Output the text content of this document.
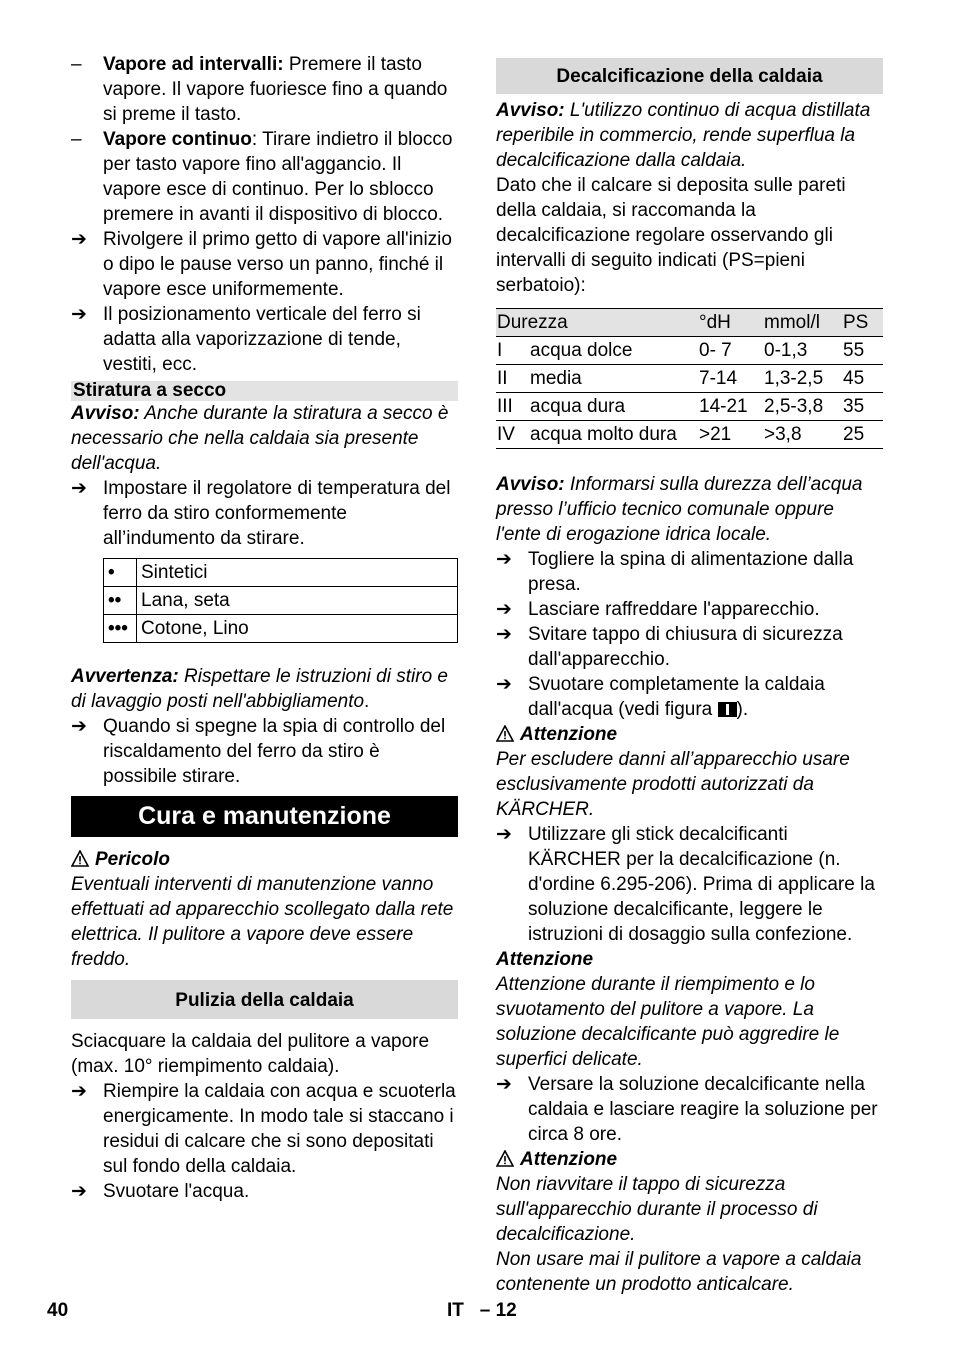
–	Vapore ad intervalli: Premere il tasto vapore. Il vapore fuoriesce fino a quando si preme il tasto.

–	Vapore continuo: Tirare indietro il blocco per tasto vapore fino all'aggancio. Il vapore esce di continuo. Per lo sblocco premere in avanti il dispositivo di blocco.

➔ Rivolgere il primo getto di vapore all'inizio o dipo le pause verso un panno, finché il vapore esce uniformemente.

➔ Il posizionamento verticale del ferro si adatta alla vaporizzazione di tende, vestiti, ecc.

Stiratura a secco

Avviso: Anche durante la stiratura a secco è necessario che nella caldaia sia presente dell'acqua.

➔ Impostare il regolatore di temperatura del ferro da stiro conformemente all’indumento da stirare.

•	Sintetici
••	Lana, seta
•••	Cotone, Lino

Avvertenza: Rispettare le istruzioni di stiro e di lavaggio posti nell'abbigliamento.

➔ Quando si spegne la spia di controllo del riscaldamento del ferro da stiro è possibile stirare.

Cura e manutenzione

Pericolo

Eventuali interventi di manutenzione vanno effettuati ad apparecchio scollegato dalla rete elettrica. Il pulitore a vapore deve essere freddo.

Pulizia della caldaia

Sciacquare la caldaia del pulitore a vapore (max. 10° riempimento caldaia).

➔ Riempire la caldaia con acqua e scuoterla energicamente. In modo tale si staccano i residui di calcare che si sono depositati sul fondo della caldaia.

➔ Svuotare l'acqua.

Decalcificazione della caldaia

Avviso: L'utilizzo continuo di acqua distillata reperibile in commercio, rende superflua la decalcificazione dalla caldaia.

Dato che il calcare si deposita sulle pareti della caldaia, si raccomanda la decalcificazione regolare osservando gli intervalli di seguito indicati (PS=pieni serbatoio):

Durezza		°dH	mmol/l	PS
I	acqua dolce	0- 7	0-1,3	55
II	media	7-14	1,3-2,5	45
III	acqua dura	14-21	2,5-3,8	35
IV	acqua molto dura	>21	>3,8	25

Avviso: Informarsi sulla durezza dell’acqua presso l’ufficio tecnico comunale oppure l'ente di erogazione idrica locale.

➔ Togliere la spina di alimentazione dalla presa.

➔ Lasciare raffreddare l'apparecchio.

➔ Svitare tappo di chiusura di sicurezza dall'apparecchio.

➔ Svuotare completamente la caldaia dall'acqua (vedi figura ).

Attenzione

Per escludere danni all’apparecchio usare esclusivamente prodotti autorizzati da KÄRCHER.

➔ Utilizzare gli stick decalcificanti KÄRCHER per la decalcificazione (n. d'ordine 6.295-206). Prima di applicare la soluzione decalcificante, leggere le istruzioni di dosaggio sulla confezione.

Attenzione

Attenzione durante il riempimento e lo svuotamento del pulitore a vapore. La soluzione decalcificante può aggredire le superfici delicate.

➔ Versare la soluzione decalcificante nella caldaia e lasciare reagire la soluzione per circa 8 ore.

Attenzione

Non riavvitare il tappo di sicurezza sull'apparecchio durante il processo di decalcificazione.

Non usare mai il pulitore a vapore a caldaia contenente un prodotto anticalcare.

40	IT – 12
